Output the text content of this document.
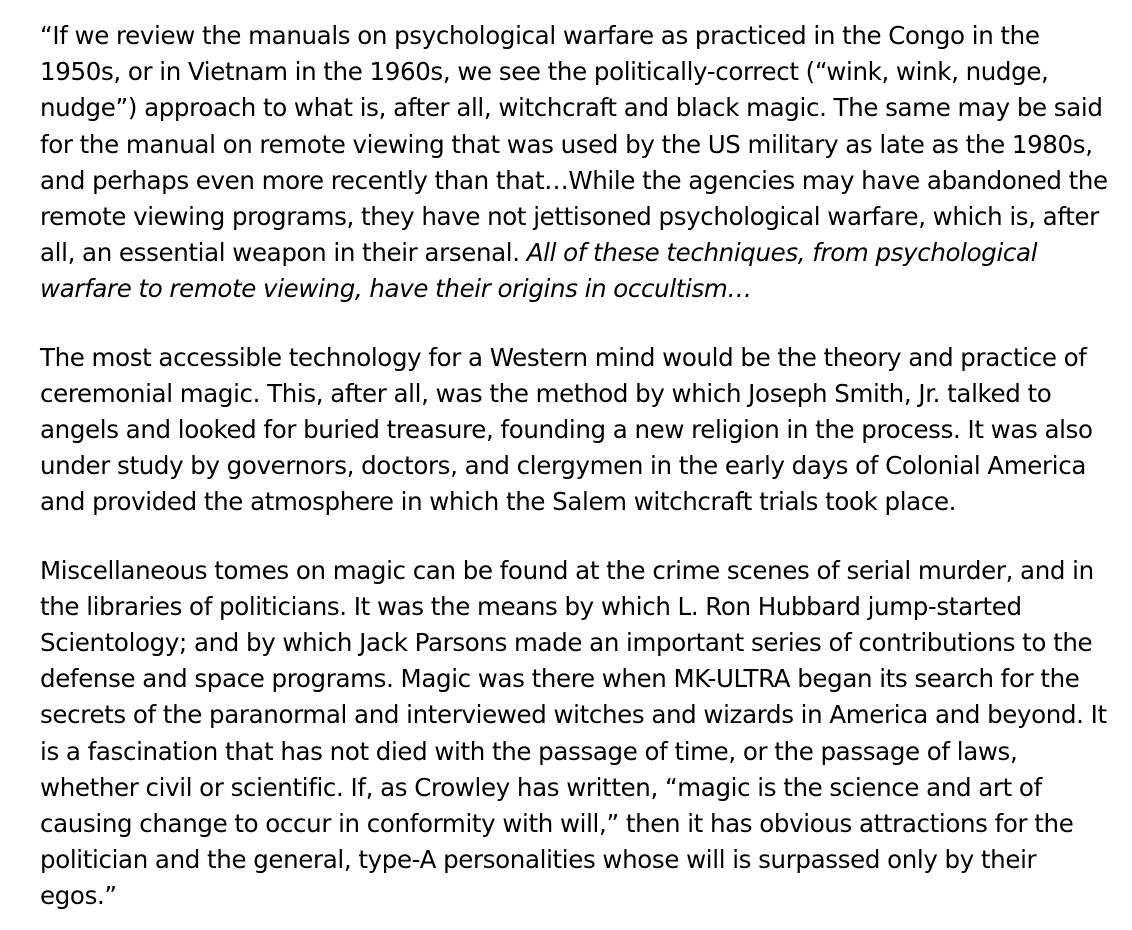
“If we review the manuals on psychological warfare as practiced in the Congo in the 1950s, or in Vietnam in the 1960s, we see the politically-correct (“wink, wink, nudge, nudge”) approach to what is, after all, witchcraft and black magic. The same may be said for the manual on remote viewing that was used by the US military as late as the 1980s, and perhaps even more recently than that…While the agencies may have abandoned the remote viewing programs, they have not jettisoned psychological warfare, which is, after all, an essential weapon in their arsenal. All of these techniques, from psychological warfare to remote viewing, have their origins in occultism…

The most accessible technology for a Western mind would be the theory and practice of ceremonial magic. This, after all, was the method by which Joseph Smith, Jr. talked to angels and looked for buried treasure, founding a new religion in the process. It was also under study by governors, doctors, and clergymen in the early days of Colonial America and provided the atmosphere in which the Salem witchcraft trials took place.

Miscellaneous tomes on magic can be found at the crime scenes of serial murder, and in the libraries of politicians. It was the means by which L. Ron Hubbard jump-started Scientology; and by which Jack Parsons made an important series of contributions to the defense and space programs. Magic was there when MK-ULTRA began its search for the secrets of the paranormal and interviewed witches and wizards in America and beyond. It is a fascination that has not died with the passage of time, or the passage of laws, whether civil or scientific. If, as Crowley has written, “magic is the science and art of causing change to occur in conformity with will,” then it has obvious attractions for the politician and the general, type-A personalities whose will is surpassed only by their egos.”
